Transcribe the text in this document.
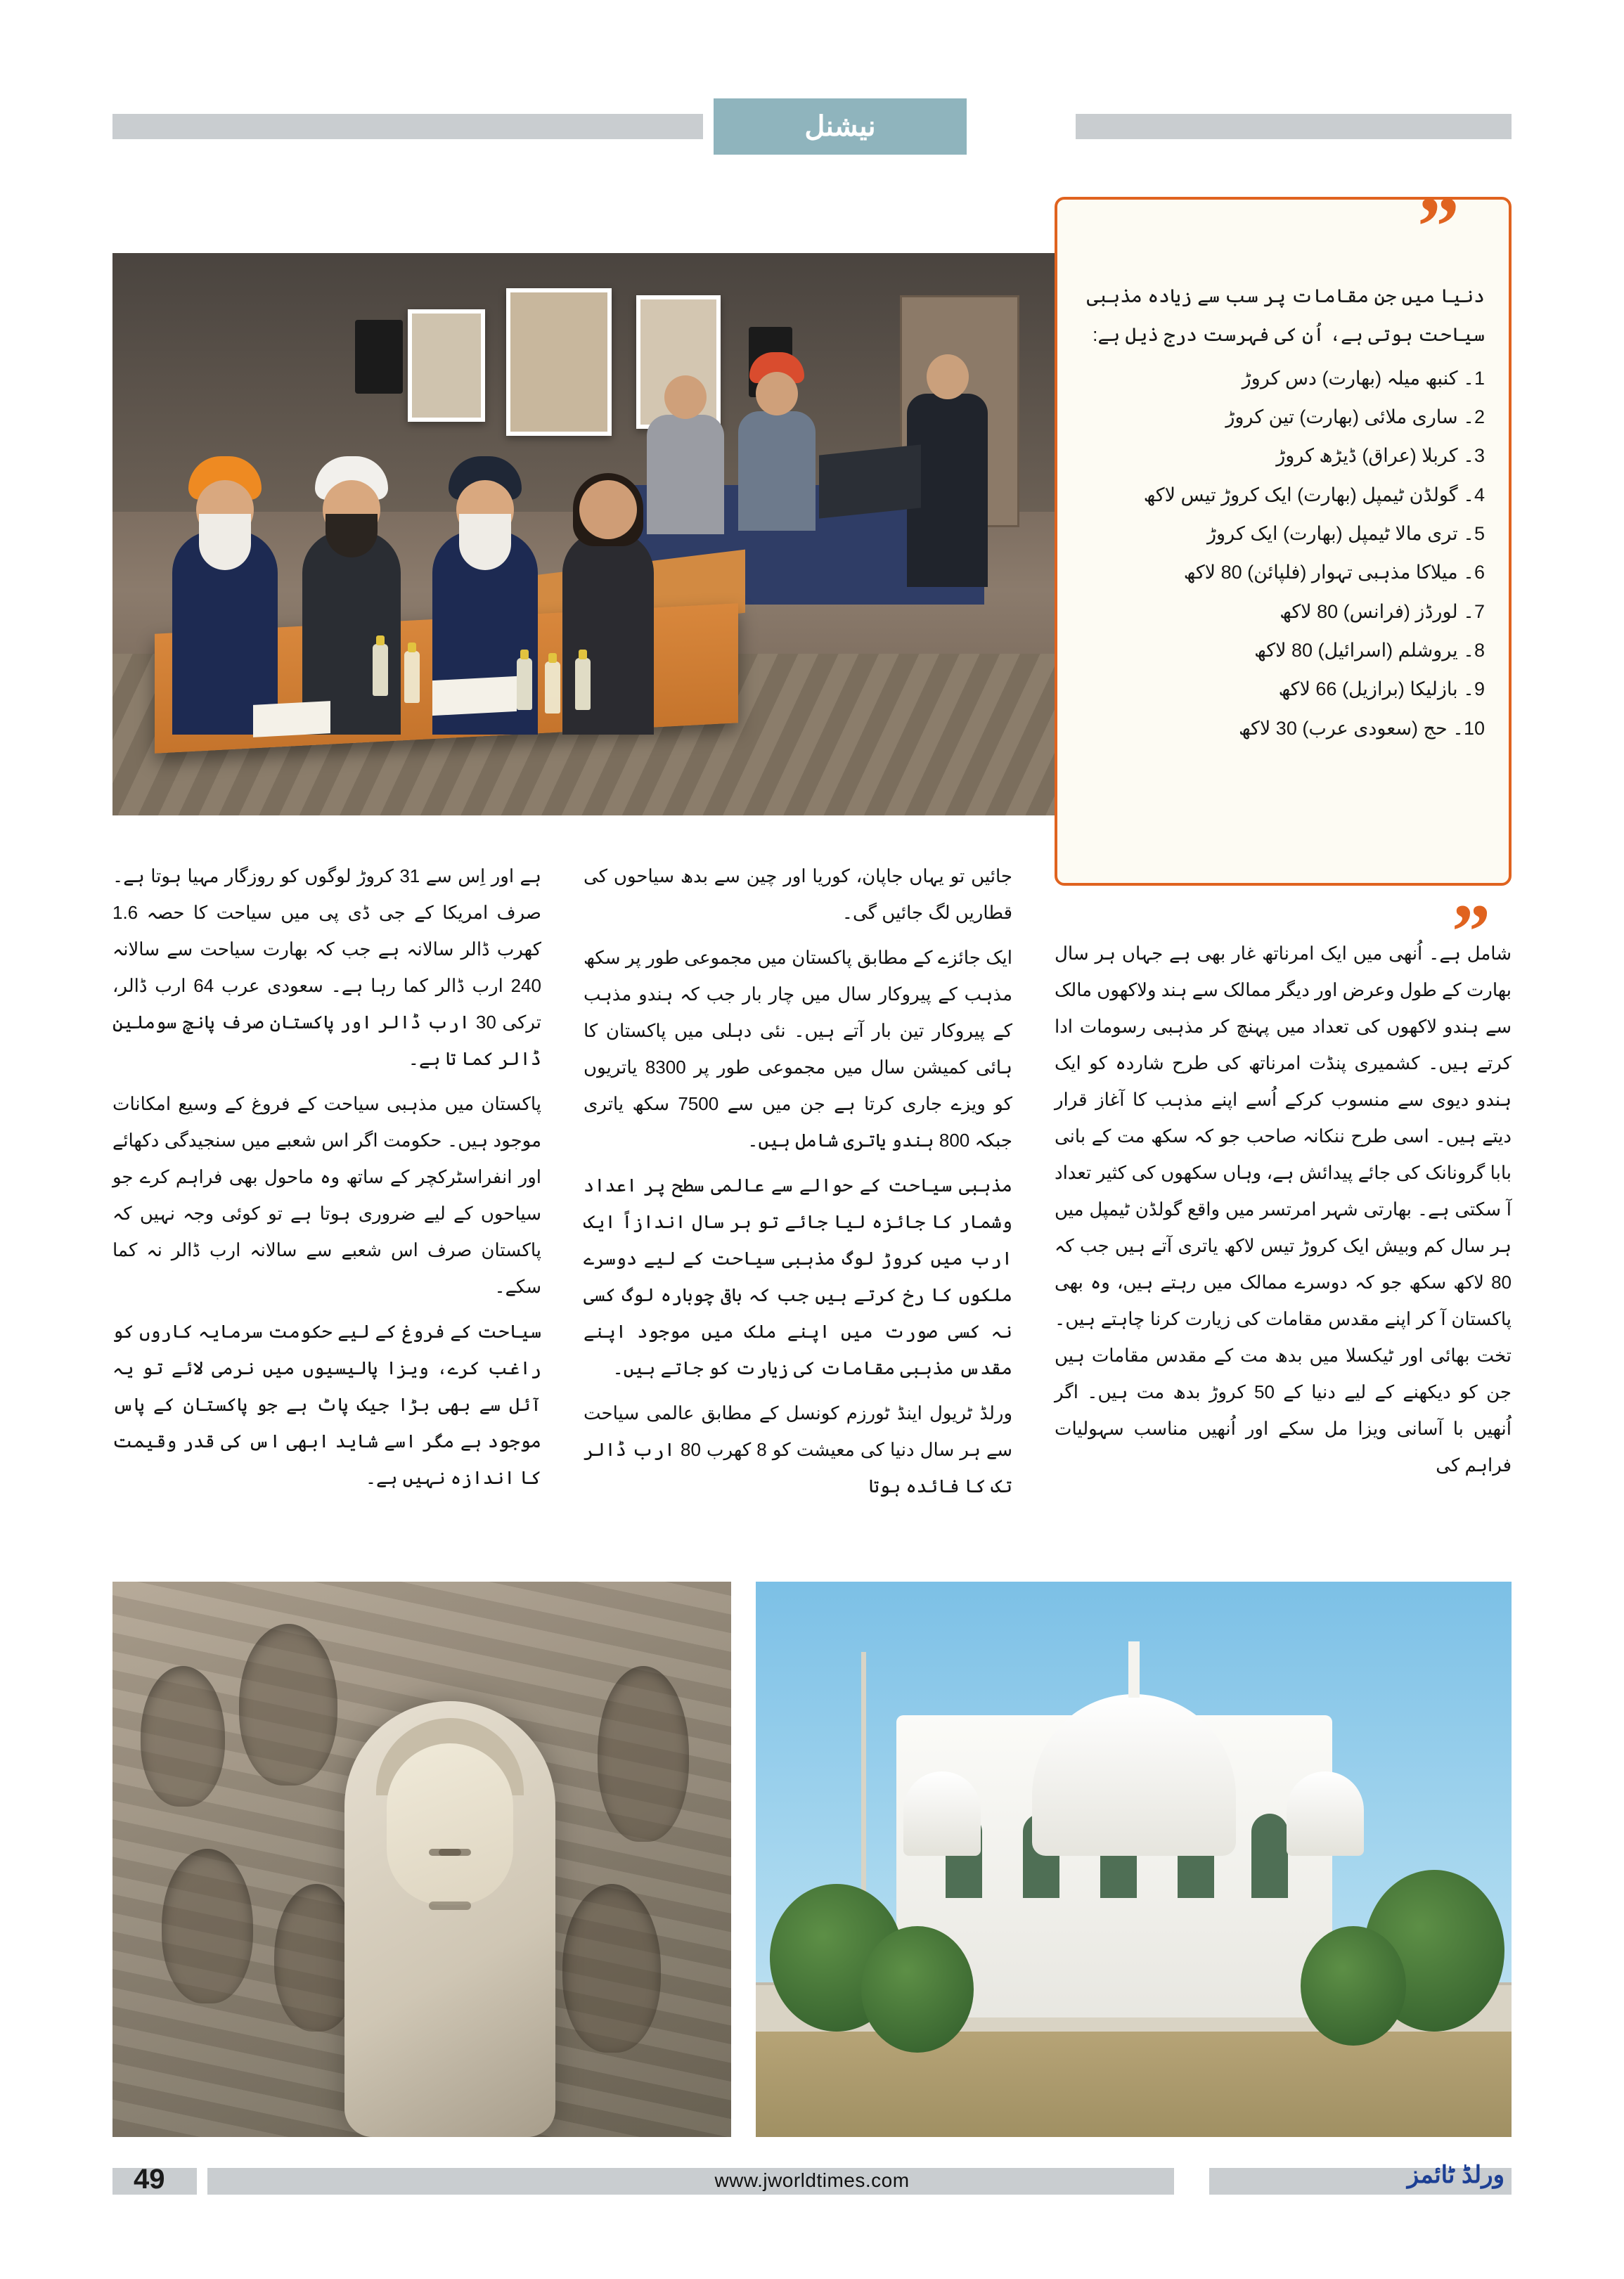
نیشنل
”
دنیا میں جن مقامات پر سب سے زیادہ مذہبی سیاحت ہوتی ہے، اُن کی فہرست درج ذیل ہے:
1۔ کنبھ میلہ (بھارت) دس کروڑ
2۔ ساری ملائی (بھارت) تین کروڑ
3۔ کربلا (عراق) ڈیڑھ کروڑ
4۔ گولڈن ٹیمپل (بھارت) ایک کروڑ تیس لاکھ
5۔ تری مالا ٹیمپل (بھارت) ایک کروڑ
6۔ میلاکا مذہبی تہوار (فلپائن) 80 لاکھ
7۔ لورڈز (فرانس) 80 لاکھ
8۔ یروشلم (اسرائیل) 80 لاکھ
9۔ بازلیکا (برازیل) 66 لاکھ
10۔ حج (سعودی عرب) 30 لاکھ
”

شامل ہے۔ اُنھی میں ایک امرناتھ غار بھی ہے جہاں ہر سال بھارت کے طول وعرض اور دیگر ممالک سے ہند ولاکھوں مالک سے ہندو لاکھوں کی تعداد میں پہنچ کر مذہبی رسومات ادا کرتے ہیں۔ کشمیری پنڈت امرناتھ کی طرح شاردہ کو ایک ہندو دیوی سے منسوب کرکے اُسے اپنے مذہب کا آغاز قرار دیتے ہیں۔ اسی طرح ننکانہ صاحب جو کہ سکھ مت کے بانی بابا گرونانک کی جائے پیدائش ہے، وہاں سکھوں کی کثیر تعداد آ سکتی ہے۔ بھارتی شہر امرتسر میں واقع گولڈن ٹیمپل میں ہر سال کم وبیش ایک کروڑ تیس لاکھ یاتری آتے ہیں جب کہ 80 لاکھ سکھ جو کہ دوسرے ممالک میں رہتے ہیں، وہ بھی پاکستان آ کر اپنے مقدس مقامات کی زیارت کرنا چاہتے ہیں۔ تخت بھائی اور ٹیکسلا میں بدھ مت کے مقدس مقامات ہیں جن کو دیکھنے کے لیے دنیا کے 50 کروڑ بدھ مت ہیں۔ اگر اُنھیں با آسانی ویزا مل سکے اور اُنھیں مناسب سہولیات فراہم کی

جائیں تو یہاں جاپان، کوریا اور چین سے بدھ سیاحوں کی قطاریں لگ جائیں گی۔

ایک جائزے کے مطابق پاکستان میں مجموعی طور پر سکھ مذہب کے پیروکار سال میں چار بار جب کہ ہندو مذہب کے پیروکار تین بار آتے ہیں۔ نئی دہلی میں پاکستان کا ہائی کمیشن سال میں مجموعی طور پر 8300 یاتریوں کو ویزے جاری کرتا ہے جن میں سے 7500 سکھ یاتری جبکہ 800 ہندو یاتری شامل ہیں۔

مذہبی سیاحت کے حوالے سے عالمی سطح پر اعداد وشمار کا جائزہ لیا جائے تو ہر سال اندازاً ایک ارب میں کروڑ لوگ مذہبی سیاحت کے لیے دوسرے ملکوں کا رخ کرتے ہیں جب کہ باقی چوبارہ لوگ کسی نہ کسی صورت میں اپنے ملک میں موجود اپنے مقدس مذہبی مقامات کی زیارت کو جاتے ہیں۔

ورلڈ ٹریول اینڈ ٹورزم کونسل کے مطابق عالمی سیاحت سے ہر سال دنیا کی معیشت کو 8 کھرب 80 ارب ڈالر تک کا فائدہ ہوتا

ہے اور اِس سے 31 کروڑ لوگوں کو روزگار مہیا ہوتا ہے۔ صرف امریکا کے جی ڈی پی میں سیاحت کا حصہ 1.6 کھرب ڈالر سالانہ ہے جب کہ بھارت سیاحت سے سالانہ 240 ارب ڈالر کما رہا ہے۔ سعودی عرب 64 ارب ڈالر، ترکی 30 ارب ڈالر اور پاکستان صرف پانچ سوملین ڈالر کما تا ہے۔

پاکستان میں مذہبی سیاحت کے فروغ کے وسیع امکانات موجود ہیں۔ حکومت اگر اس شعبے میں سنجیدگی دکھائے اور انفراسٹرکچر کے ساتھ وہ ماحول بھی فراہم کرے جو سیاحوں کے لیے ضروری ہوتا ہے تو کوئی وجہ نہیں کہ پاکستان صرف اس شعبے سے سالانہ ارب ڈالر نہ کما سکے۔

سیاحت کے فروغ کے لیے حکومت سرمایہ کاروں کو راغب کرے، ویزا پالیسیوں میں نرمی لائے تو یہ آئل سے بھی بڑا جیک پاٹ ہے جو پاکستان کے پاس موجود ہے مگر اسے شاید ابھی اس کی قدر وقیمت کا اندازہ نہیں ہے۔

49	www.jworldtimes.com	ورلڈ ٹائمز
